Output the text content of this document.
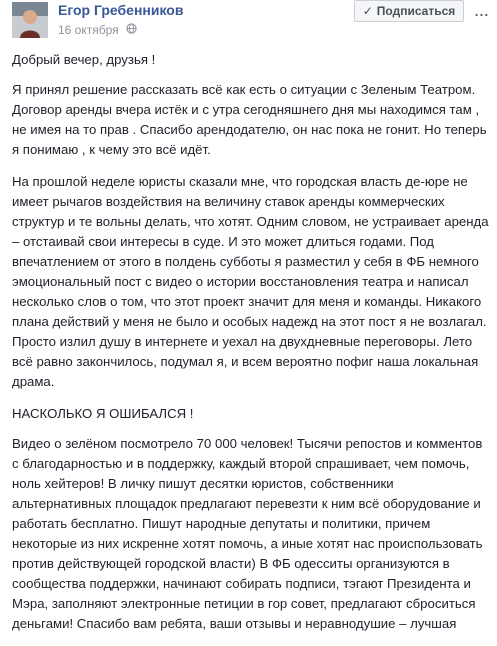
Егор Гребенников
16 октября
✓ Подписаться ...

Добрый вечер, друзья !

Я принял решение рассказать всё как есть о ситуации с Зеленым Театром. Договор аренды вчера истёк и с утра сегодняшнего дня мы находимся там , не имея на то прав . Спасибо арендодателю, он нас пока не гонит. Но теперь я понимаю , к чему это всё идёт.

На прошлой неделе юристы сказали мне, что городская власть де-юре не имеет рычагов воздействия на величину ставок аренды коммерческих структур и те вольны делать, что хотят. Одним словом, не устраивает аренда – отстаивай свои интересы в суде. И это может длиться годами. Под впечатлением от этого в полдень субботы я разместил у себя в ФБ немного эмоциональный пост с видео о истории восстановления театра и написал несколько слов о том, что этот проект значит для меня и команды. Никакого плана действий у меня не было и особых надежд на этот пост я не возлагал. Просто излил душу в интернете и уехал на двухдневные переговоры. Лето всё равно закончилось, подумал я, и всем вероятно пофиг наша локальная драма.

НАСКОЛЬКО Я ОШИБАЛСЯ !

Видео о зелёном посмотрело 70 000 человек! Тысячи репостов и комментов с благодарностью и в поддержку, каждый второй спрашивает, чем помочь, ноль хейтеров! В личку пишут десятки юристов, собственники альтернативных площадок предлагают перевезти к ним всё оборудование и работать бесплатно. Пишут народные депутаты и политики, причем некоторые из них искренне хотят помочь, а иные хотят нас происпользовать против действующей городской власти) В ФБ одесситы организуются в сообщества поддержки, начинают собирать подписи, тэгают Президента и Мэра, заполняют электронные петиции в гор совет, предлагают сброситься деньгами! Спасибо вам ребята, ваши отзывы и неравнодушие – лучшая
